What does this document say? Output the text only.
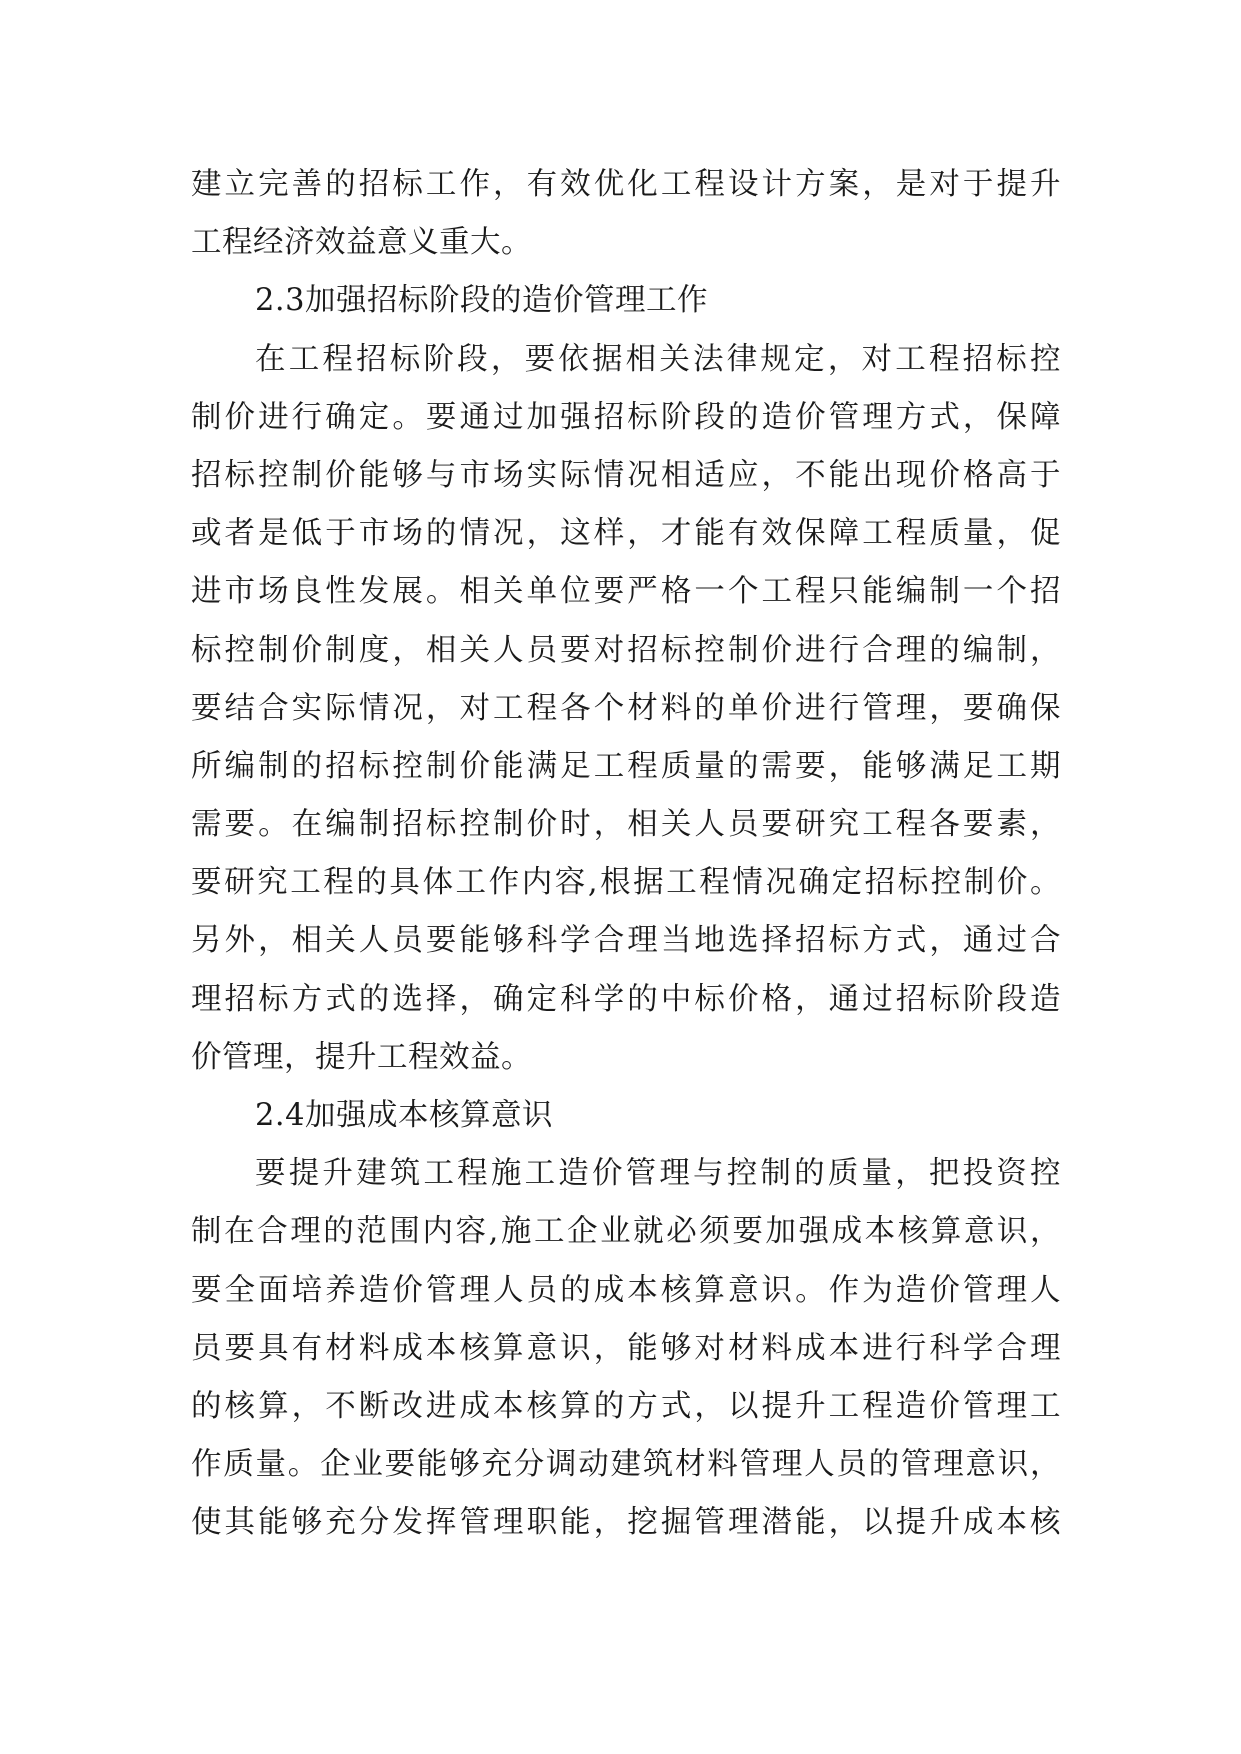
建立完善的招标工作，有效优化工程设计方案，是对于提升
工程经济效益意义重大。
2.3加强招标阶段的造价管理工作
在工程招标阶段，要依据相关法律规定，对工程招标控
制价进行确定。要通过加强招标阶段的造价管理方式，保障
招标控制价能够与市场实际情况相适应，不能出现价格高于
或者是低于市场的情况，这样，才能有效保障工程质量，促
进市场良性发展。相关单位要严格一个工程只能编制一个招
标控制价制度，相关人员要对招标控制价进行合理的编制，
要结合实际情况，对工程各个材料的单价进行管理，要确保
所编制的招标控制价能满足工程质量的需要，能够满足工期
需要。在编制招标控制价时，相关人员要研究工程各要素，
要研究工程的具体工作内容,根据工程情况确定招标控制价。
另外，相关人员要能够科学合理当地选择招标方式，通过合
理招标方式的选择，确定科学的中标价格，通过招标阶段造
价管理，提升工程效益。
2.4加强成本核算意识
要提升建筑工程施工造价管理与控制的质量，把投资控
制在合理的范围内容,施工企业就必须要加强成本核算意识，
要全面培养造价管理人员的成本核算意识。作为造价管理人
员要具有材料成本核算意识，能够对材料成本进行科学合理
的核算，不断改进成本核算的方式，以提升工程造价管理工
作质量。企业要能够充分调动建筑材料管理人员的管理意识，
使其能够充分发挥管理职能，挖掘管理潜能，以提升成本核
